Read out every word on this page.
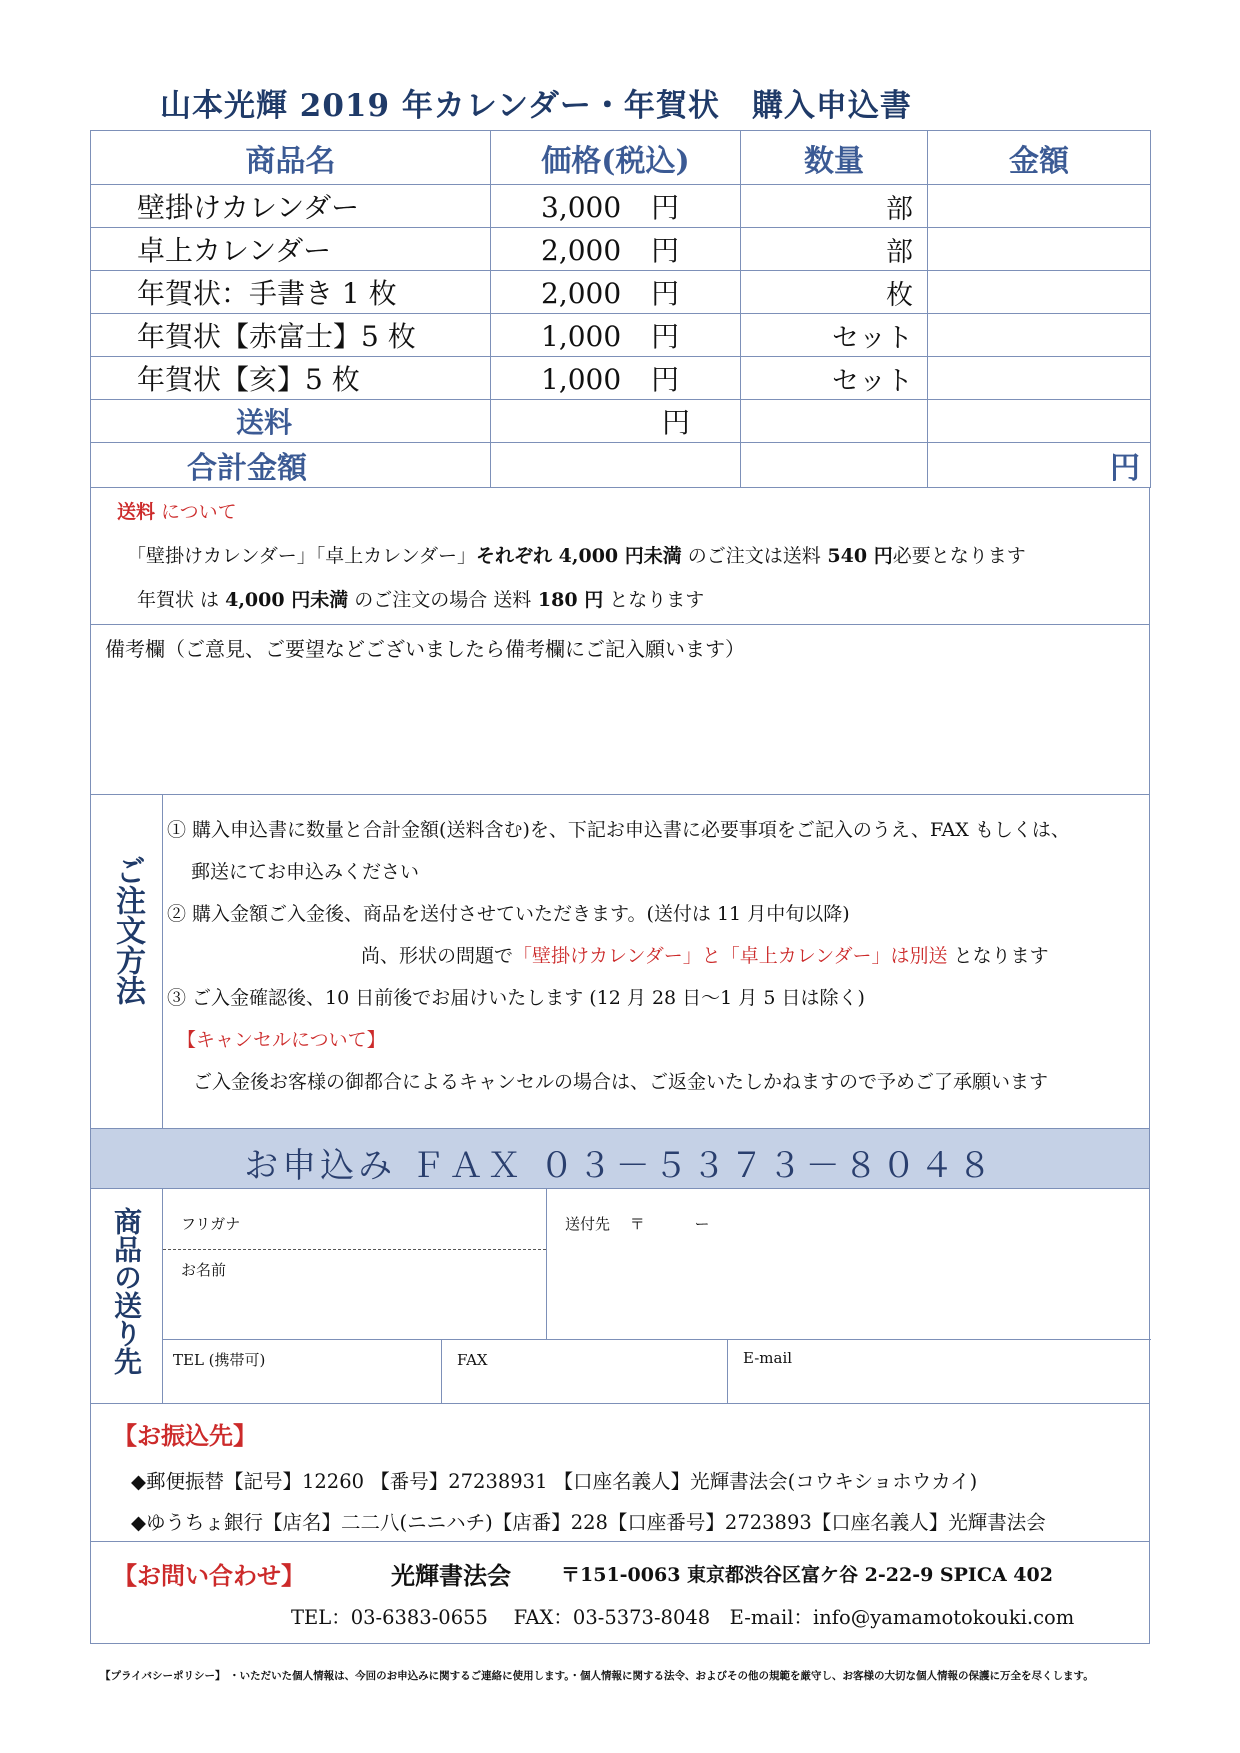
山本光輝 2019 年カレンダー・年賀状　購入申込書
商品名	価格(税込)	数量	金額
壁掛けカレンダー	3,000 円	部	
卓上カレンダー	2,000 円	部	
年賀状：手書き 1 枚	2,000 円	枚	
年賀状【赤富士】5 枚	1,000 円	セット	
年賀状【亥】5 枚	1,000 円	セット	
送料	円		
合計金額			円
送料 について
「壁掛けカレンダー」「卓上カレンダー」それぞれ 4,000 円未満 のご注文は送料 540 円必要となります
年賀状 は 4,000 円未満 のご注文の場合 送料 180 円 となります
備考欄（ご意見、ご要望などございましたら備考欄にご記入願います）
ご注文方法
① 購入申込書に数量と合計金額(送料含む)を、下記お申込書に必要事項をご記入のうえ、FAX もしくは、
郵送にてお申込みください
② 購入金額ご入金後、商品を送付させていただきます。(送付は 11 月中旬以降)
尚、形状の問題で「壁掛けカレンダー」と「卓上カレンダー」は別送 となります
③ ご入金確認後、10 日前後でお届けいたします (12 月 28 日～1 月 5 日は除く)
【キャンセルについて】
ご入金後お客様の御都合によるキャンセルの場合は、ご返金いたしかねますので予めご了承願います
お申込み ＦＡＸ ０３－５３７３－８０４８
商品の送り先	フリガナ
お名前
送付先　 〒　　　 ー
TEL (携帯可)	FAX	E-mail
【お振込先】
◆郵便振替【記号】12260 【番号】27238931 【口座名義人】光輝書法会(コウキショホウカイ)
◆ゆうちょ銀行【店名】二二八(ニニハチ)【店番】228【口座番号】2723893【口座名義人】光輝書法会
【お問い合わせ】	光輝書法会	〒151-0063 東京都渋谷区富ケ谷 2-22-9 SPICA 402
TEL：03-6383-0655　 FAX：03-5373-8048　E-mail：info@yamamotokouki.com
【プライバシーポリシー】 ・いただいた個人情報は、今回のお申込みに関するご連絡に使用します。・個人情報に関する法令、およびその他の規範を厳守し、お客様の大切な個人情報の保護に万全を尽くします。
